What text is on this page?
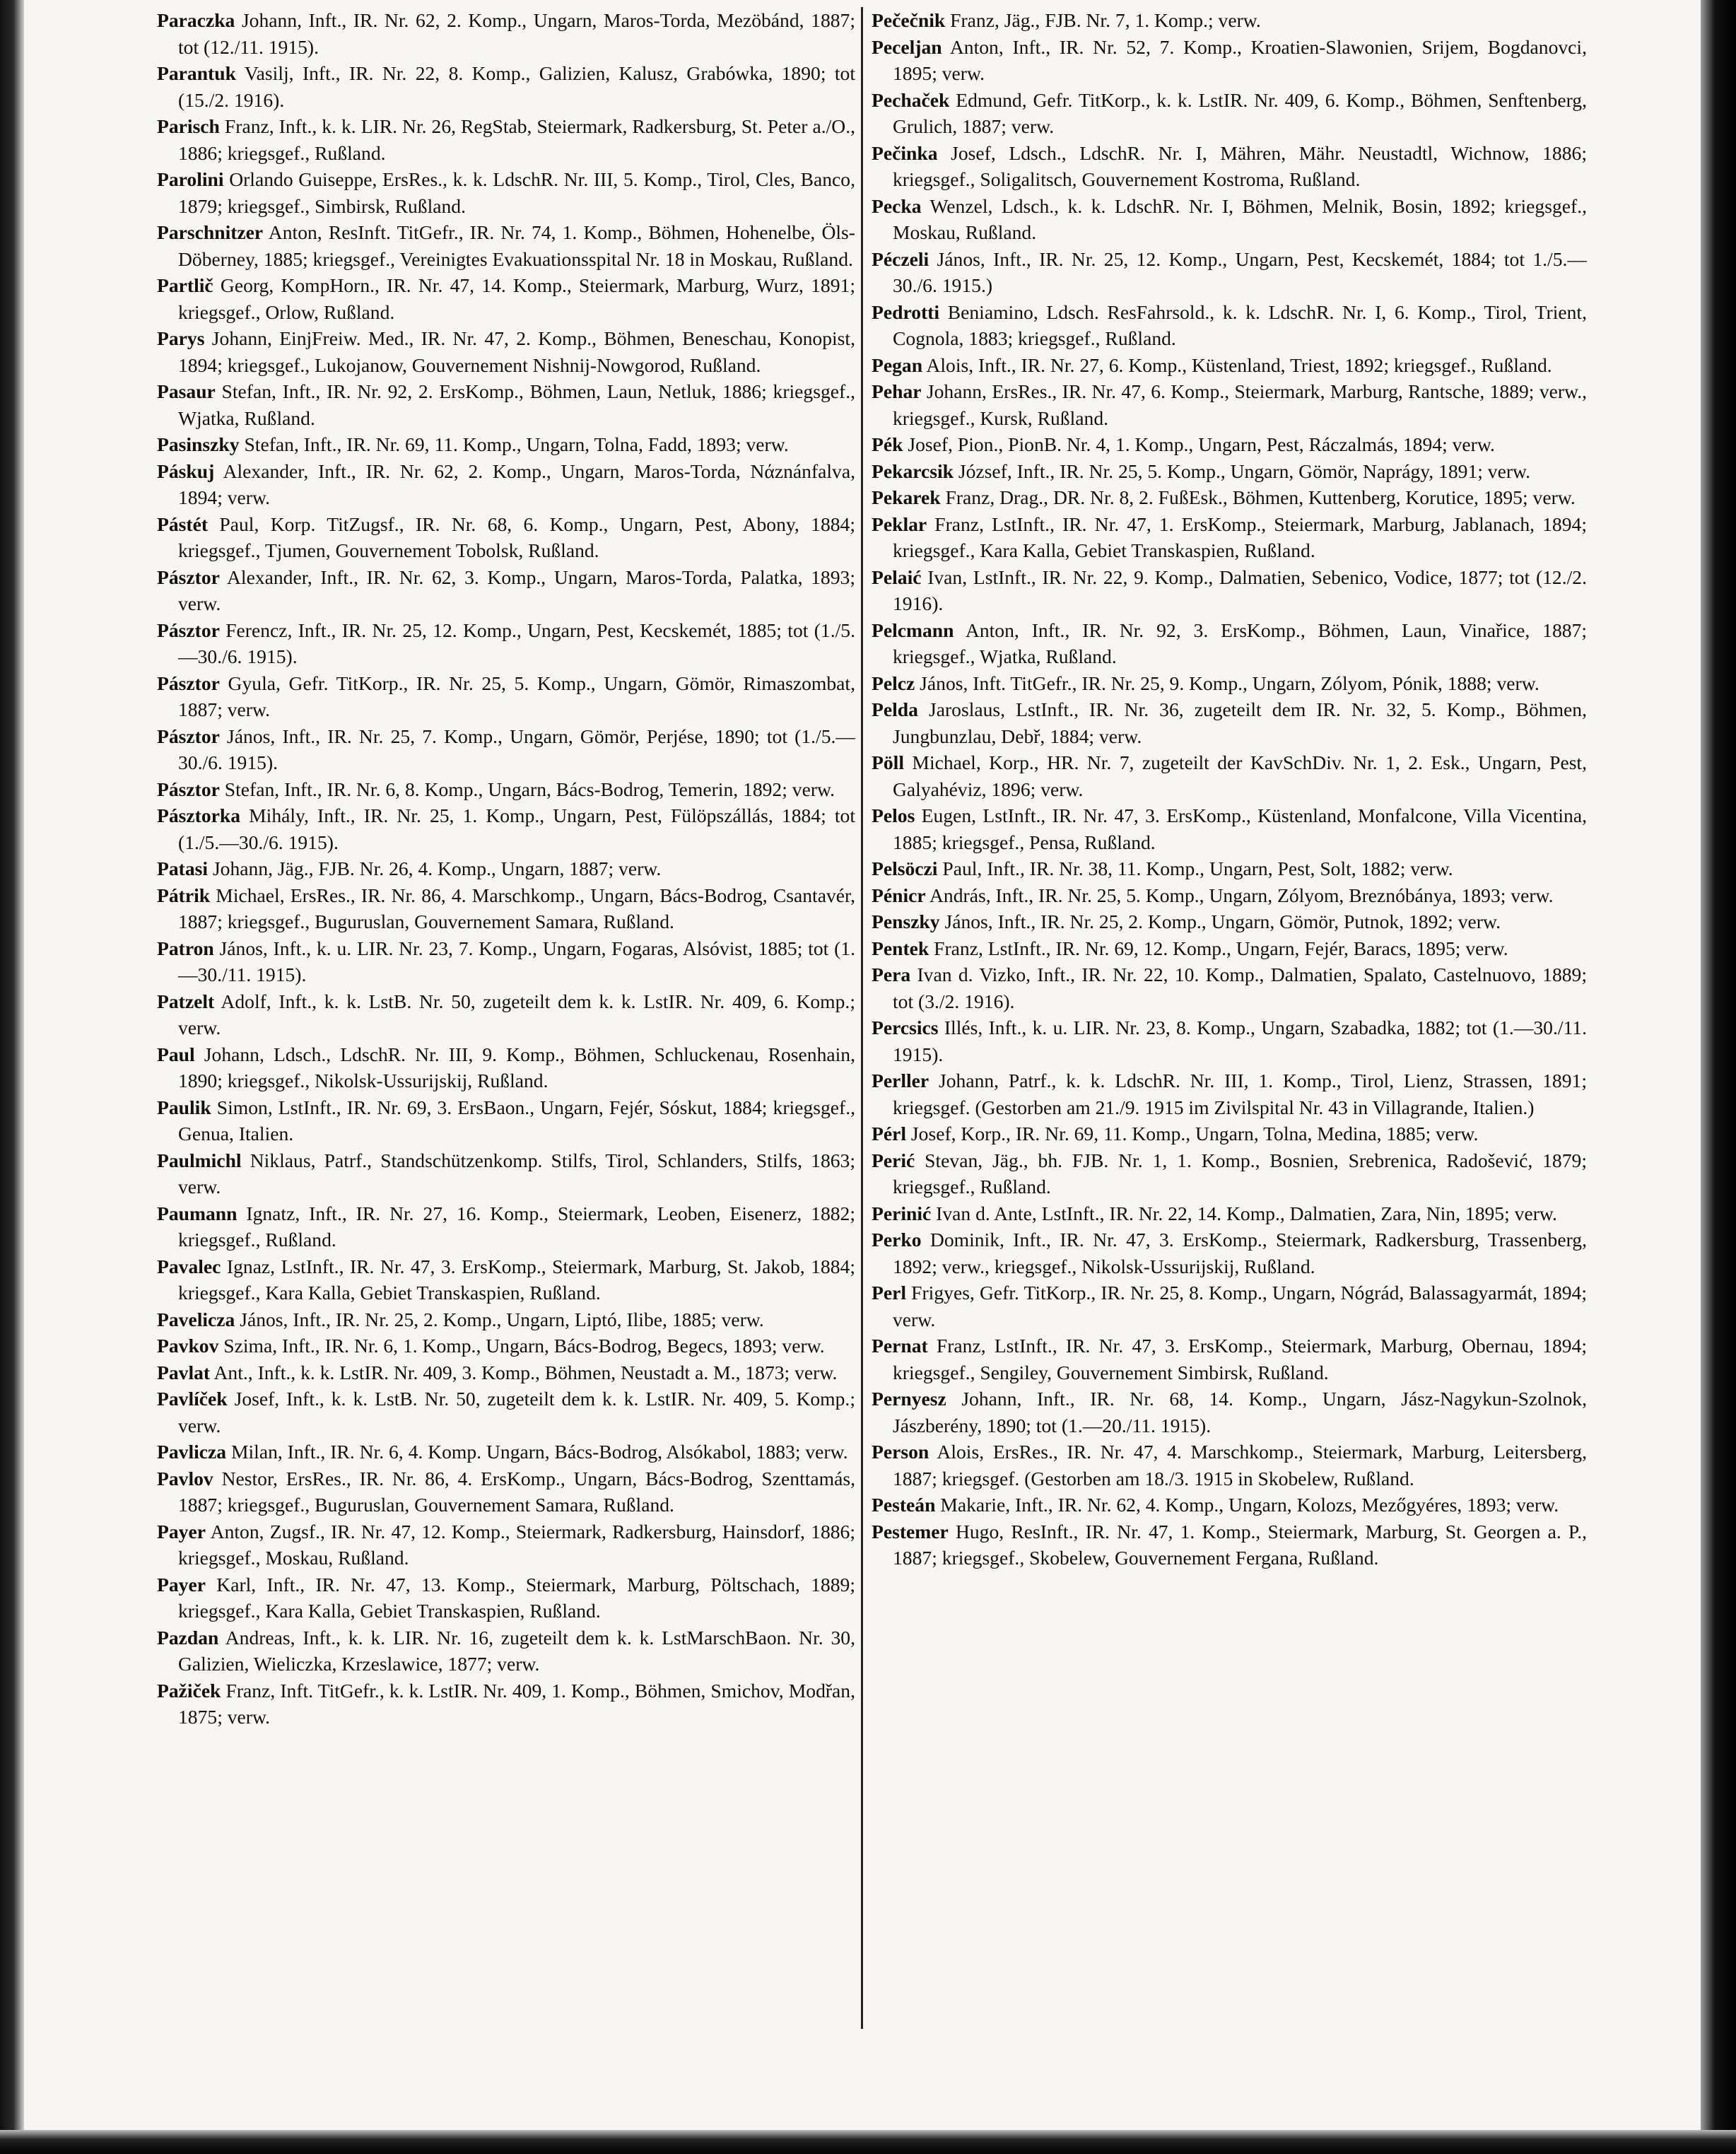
Paraczka Johann, Inft., IR. Nr. 62, 2. Komp., Ungarn, Maros-Torda, Mezöbánd, 1887; tot (12./11. 1915).

Parantuk Vasilj, Inft., IR. Nr. 22, 8. Komp., Galizien, Kalusz, Grabówka, 1890; tot (15./2. 1916).

Parisch Franz, Inft., k. k. LIR. Nr. 26, RegStab, Steiermark, Radkersburg, St. Peter a./O., 1886; kriegsgef., Rußland.

Parolini Orlando Guiseppe, ErsRes., k. k. LdschR. Nr. III, 5. Komp., Tirol, Cles, Banco, 1879; kriegsgef., Simbirsk, Rußland.

Parschnitzer Anton, ResInft. TitGefr., IR. Nr. 74, 1. Komp., Böhmen, Hohenelbe, Öls-Döberney, 1885; kriegsgef., Vereinigtes Evakuationsspital Nr. 18 in Moskau, Rußland.

Partlič Georg, KompHorn., IR. Nr. 47, 14. Komp., Steiermark, Marburg, Wurz, 1891; kriegsgef., Orlow, Rußland.

Parys Johann, EinjFreiw. Med., IR. Nr. 47, 2. Komp., Böhmen, Beneschau, Konopist, 1894; kriegsgef., Lukojanow, Gouvernement Nishnij-Nowgorod, Rußland.

Pasaur Stefan, Inft., IR. Nr. 92, 2. ErsKomp., Böhmen, Laun, Netluk, 1886; kriegsgef., Wjatka, Rußland.

Pasinszky Stefan, Inft., IR. Nr. 69, 11. Komp., Ungarn, Tolna, Fadd, 1893; verw.

Páskuj Alexander, Inft., IR. Nr. 62, 2. Komp., Ungarn, Maros-Torda, Nάznánfalva, 1894; verw.

Pástét Paul, Korp. TitZugsf., IR. Nr. 68, 6. Komp., Ungarn, Pest, Abony, 1884; kriegsgef., Tjumen, Gouvernement Tobolsk, Rußland.

Pásztor Alexander, Inft., IR. Nr. 62, 3. Komp., Ungarn, Maros-Torda, Palatka, 1893; verw.

Pásztor Ferencz, Inft., IR. Nr. 25, 12. Komp., Ungarn, Pest, Kecskemét, 1885; tot (1./5.—30./6. 1915).

Pásztor Gyula, Gefr. TitKorp., IR. Nr. 25, 5. Komp., Ungarn, Gömör, Rimaszombat, 1887; verw.

Pásztor János, Inft., IR. Nr. 25, 7. Komp., Ungarn, Gömör, Perjése, 1890; tot (1./5.—30./6. 1915).

Pásztor Stefan, Inft., IR. Nr. 6, 8. Komp., Ungarn, Bács-Bodrog, Temerin, 1892; verw.

Pásztorka Mihály, Inft., IR. Nr. 25, 1. Komp., Ungarn, Pest, Fülöpszállás, 1884; tot (1./5.—30./6. 1915).

Patasi Johann, Jäg., FJB. Nr. 26, 4. Komp., Ungarn, 1887; verw.

Pátrik Michael, ErsRes., IR. Nr. 86, 4. Marschkomp., Ungarn, Bács-Bodrog, Csantavér, 1887; kriegsgef., Buguruslan, Gouvernement Samara, Rußland.

Patron János, Inft., k. u. LIR. Nr. 23, 7. Komp., Ungarn, Fogaras, Alsóvist, 1885; tot (1.—30./11. 1915).

Patzelt Adolf, Inft., k. k. LstB. Nr. 50, zugeteilt dem k. k. LstIR. Nr. 409, 6. Komp.; verw.

Paul Johann, Ldsch., LdschR. Nr. III, 9. Komp., Böhmen, Schluckenau, Rosenhain, 1890; kriegsgef., Nikolsk-Ussurijskij, Rußland.

Paulik Simon, LstInft., IR. Nr. 69, 3. ErsBaon., Ungarn, Fejér, Sóskut, 1884; kriegsgef., Genua, Italien.

Paulmichl Niklaus, Patrf., Standschützenkomp. Stilfs, Tirol, Schlanders, Stilfs, 1863; verw.

Paumann Ignatz, Inft., IR. Nr. 27, 16. Komp., Steiermark, Leoben, Eisenerz, 1882; kriegsgef., Rußland.

Pavalec Ignaz, LstInft., IR. Nr. 47, 3. ErsKomp., Steiermark, Marburg, St. Jakob, 1884; kriegsgef., Kara Kalla, Gebiet Transkaspien, Rußland.

Pavelicza János, Inft., IR. Nr. 25, 2. Komp., Ungarn, Liptó, Ilibe, 1885; verw.

Pavkov Szima, Inft., IR. Nr. 6, 1. Komp., Ungarn, Bács-Bodrog, Begecs, 1893; verw.

Pavlat Ant., Inft., k. k. LstIR. Nr. 409, 3. Komp., Böhmen, Neustadt a. M., 1873; verw.

Pavlíček Josef, Inft., k. k. LstB. Nr. 50, zugeteilt dem k. k. LstIR. Nr. 409, 5. Komp.; verw.

Pavlicza Milan, Inft., IR. Nr. 6, 4. Komp. Ungarn, Bács-Bodrog, Alsókabol, 1883; verw.

Pavlov Nestor, ErsRes., IR. Nr. 86, 4. ErsKomp., Ungarn, Bács-Bodrog, Szenttamás, 1887; kriegsgef., Buguruslan, Gouvernement Samara, Rußland.

Payer Anton, Zugsf., IR. Nr. 47, 12. Komp., Steiermark, Radkersburg, Hainsdorf, 1886; kriegsgef., Moskau, Rußland.

Payer Karl, Inft., IR. Nr. 47, 13. Komp., Steiermark, Marburg, Pöltschach, 1889; kriegsgef., Kara Kalla, Gebiet Transkaspien, Rußland.

Pazdan Andreas, Inft., k. k. LIR. Nr. 16, zugeteilt dem k. k. LstMarschBaon. Nr. 30, Galizien, Wieliczka, Krzeslawice, 1877; verw.

Pažiček Franz, Inft. TitGefr., k. k. LstIR. Nr. 409, 1. Komp., Böhmen, Smichov, Modřan, 1875; verw.

Pečečnik Franz, Jäg., FJB. Nr. 7, 1. Komp.; verw.

Peceljan Anton, Inft., IR. Nr. 52, 7. Komp., Kroatien-Slawonien, Srijem, Bogdanovci, 1895; verw.

Pechaček Edmund, Gefr. TitKorp., k. k. LstIR. Nr. 409, 6. Komp., Böhmen, Senftenberg, Grulich, 1887; verw.

Pečinka Josef, Ldsch., LdschR. Nr. I, Mähren, Mähr. Neustadtl, Wichnow, 1886; kriegsgef., Soligalitsch, Gouvernement Kostroma, Rußland.

Pecka Wenzel, Ldsch., k. k. LdschR. Nr. I, Böhmen, Melnik, Bosin, 1892; kriegsgef., Moskau, Rußland.

Péczeli János, Inft., IR. Nr. 25, 12. Komp., Ungarn, Pest, Kecskemét, 1884; tot 1./5.—30./6. 1915.)

Pedrotti Beniamino, Ldsch. ResFahrsold., k. k. LdschR. Nr. I, 6. Komp., Tirol, Trient, Cognola, 1883; kriegsgef., Rußland.

Pegan Alois, Inft., IR. Nr. 27, 6. Komp., Küstenland, Triest, 1892; kriegsgef., Rußland.

Pehar Johann, ErsRes., IR. Nr. 47, 6. Komp., Steiermark, Marburg, Rantsche, 1889; verw., kriegsgef., Kursk, Rußland.

Pék Josef, Pion., PionB. Nr. 4, 1. Komp., Ungarn, Pest, Ráczalmás, 1894; verw.

Pekarcsik József, Inft., IR. Nr. 25, 5. Komp., Ungarn, Gömör, Naprágy, 1891; verw.

Pekarek Franz, Drag., DR. Nr. 8, 2. FußEsk., Böhmen, Kuttenberg, Korutice, 1895; verw.

Peklar Franz, LstInft., IR. Nr. 47, 1. ErsKomp., Steiermark, Marburg, Jablanach, 1894; kriegsgef., Kara Kalla, Gebiet Transkaspien, Rußland.

Pelaić Ivan, LstInft., IR. Nr. 22, 9. Komp., Dalmatien, Sebenico, Vodice, 1877; tot (12./2. 1916).

Pelcmann Anton, Inft., IR. Nr. 92, 3. ErsKomp., Böhmen, Laun, Vinařice, 1887; kriegsgef., Wjatka, Rußland.

Pelcz János, Inft. TitGefr., IR. Nr. 25, 9. Komp., Ungarn, Zólyom, Pónik, 1888; verw.

Pelda Jaroslaus, LstInft., IR. Nr. 36, zugeteilt dem IR. Nr. 32, 5. Komp., Böhmen, Jungbunzlau, Debř, 1884; verw.

Pöll Michael, Korp., HR. Nr. 7, zugeteilt der KavSchDiv. Nr. 1, 2. Esk., Ungarn, Pest, Galyahéviz, 1896; verw.

Pelos Eugen, LstInft., IR. Nr. 47, 3. ErsKomp., Küstenland, Monfalcone, Villa Vicentina, 1885; kriegsgef., Pensa, Rußland.

Pelsöczi Paul, Inft., IR. Nr. 38, 11. Komp., Ungarn, Pest, Solt, 1882; verw.

Pénicr András, Inft., IR. Nr. 25, 5. Komp., Ungarn, Zólyom, Breznóbánya, 1893; verw.

Penszky János, Inft., IR. Nr. 25, 2. Komp., Ungarn, Gömör, Putnok, 1892; verw.

Pentek Franz, LstInft., IR. Nr. 69, 12. Komp., Ungarn, Fejér, Baracs, 1895; verw.

Pera Ivan d. Vizko, Inft., IR. Nr. 22, 10. Komp., Dalmatien, Spalato, Castelnuovo, 1889; tot (3./2. 1916).

Percsics Illés, Inft., k. u. LIR. Nr. 23, 8. Komp., Ungarn, Szabadka, 1882; tot (1.—30./11. 1915).

Perller Johann, Patrf., k. k. LdschR. Nr. III, 1. Komp., Tirol, Lienz, Strassen, 1891; kriegsgef. (Gestorben am 21./9. 1915 im Zivilspital Nr. 43 in Villagrande, Italien.)

Pérl Josef, Korp., IR. Nr. 69, 11. Komp., Ungarn, Tolna, Medina, 1885; verw.

Perić Stevan, Jäg., bh. FJB. Nr. 1, 1. Komp., Bosnien, Srebrenica, Radošević, 1879; kriegsgef., Rußland.

Perinić Ivan d. Ante, LstInft., IR. Nr. 22, 14. Komp., Dalmatien, Zara, Nin, 1895; verw.

Perko Dominik, Inft., IR. Nr. 47, 3. ErsKomp., Steiermark, Radkersburg, Trassenberg, 1892; verw., kriegsgef., Nikolsk-Ussurijskij, Rußland.

Perl Frigyes, Gefr. TitKorp., IR. Nr. 25, 8. Komp., Ungarn, Nógrád, Balassagyarmát, 1894; verw.

Pernat Franz, LstInft., IR. Nr. 47, 3. ErsKomp., Steiermark, Marburg, Obernau, 1894; kriegsgef., Sengiley, Gouvernement Simbirsk, Rußland.

Pernyesz Johann, Inft., IR. Nr. 68, 14. Komp., Ungarn, Jász-Nagykun-Szolnok, Jászberény, 1890; tot (1.—20./11. 1915).

Person Alois, ErsRes., IR. Nr. 47, 4. Marschkomp., Steiermark, Marburg, Leitersberg, 1887; kriegsgef. (Gestorben am 18./3. 1915 in Skobelew, Rußland.

Pesteán Makarie, Inft., IR. Nr. 62, 4. Komp., Ungarn, Kolozs, Mezőgyéres, 1893; verw.

Pestemer Hugo, ResInft., IR. Nr. 47, 1. Komp., Steiermark, Marburg, St. Georgen a. P., 1887; kriegsgef., Skobelew, Gouvernement Fergana, Rußland.
